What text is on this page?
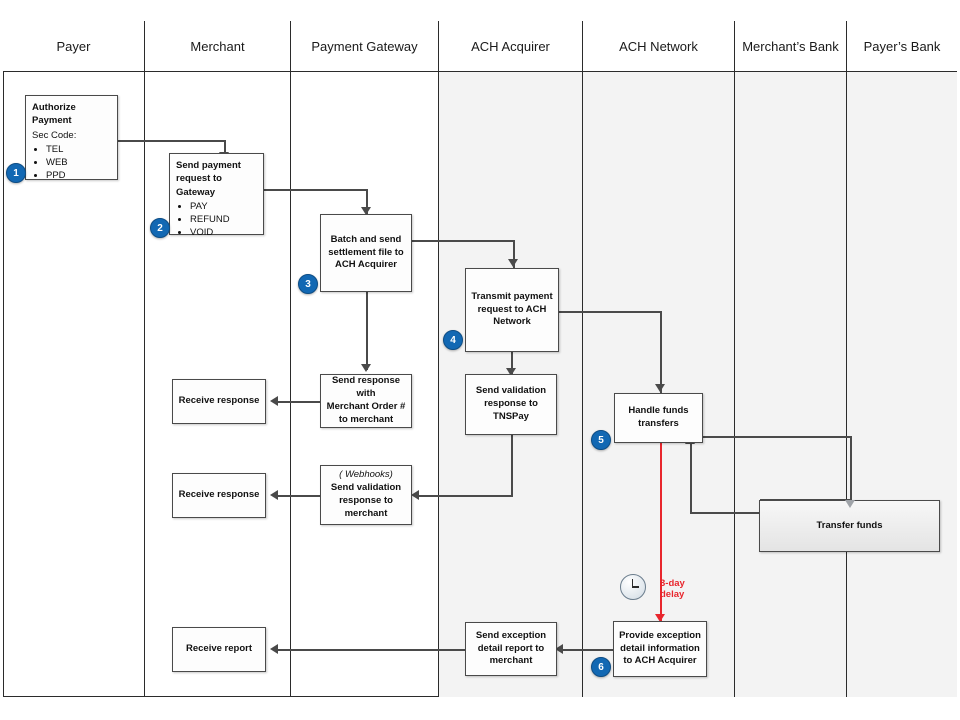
Payer	Merchant	Payment Gateway	ACH Acquirer	ACH Network	Merchant’s Bank	Payer’s Bank
Authorize Payment
Sec Code:
• TEL
• WEB
• PPD
1
Send payment request to Gateway
• PAY
• REFUND
• VOID
2
Batch and send settlement file to ACH Acquirer
3
Transmit payment request to ACH Network
4
Send response with
Merchant Order #
to merchant
Send validation response to TNSPay
Receive response
Receive response
( Webhooks)
Send validation response to merchant
Handle funds transfers
5
Transfer funds
3-day
delay
Provide exception detail information to ACH Acquirer
6
Send exception detail report to merchant
Receive report
